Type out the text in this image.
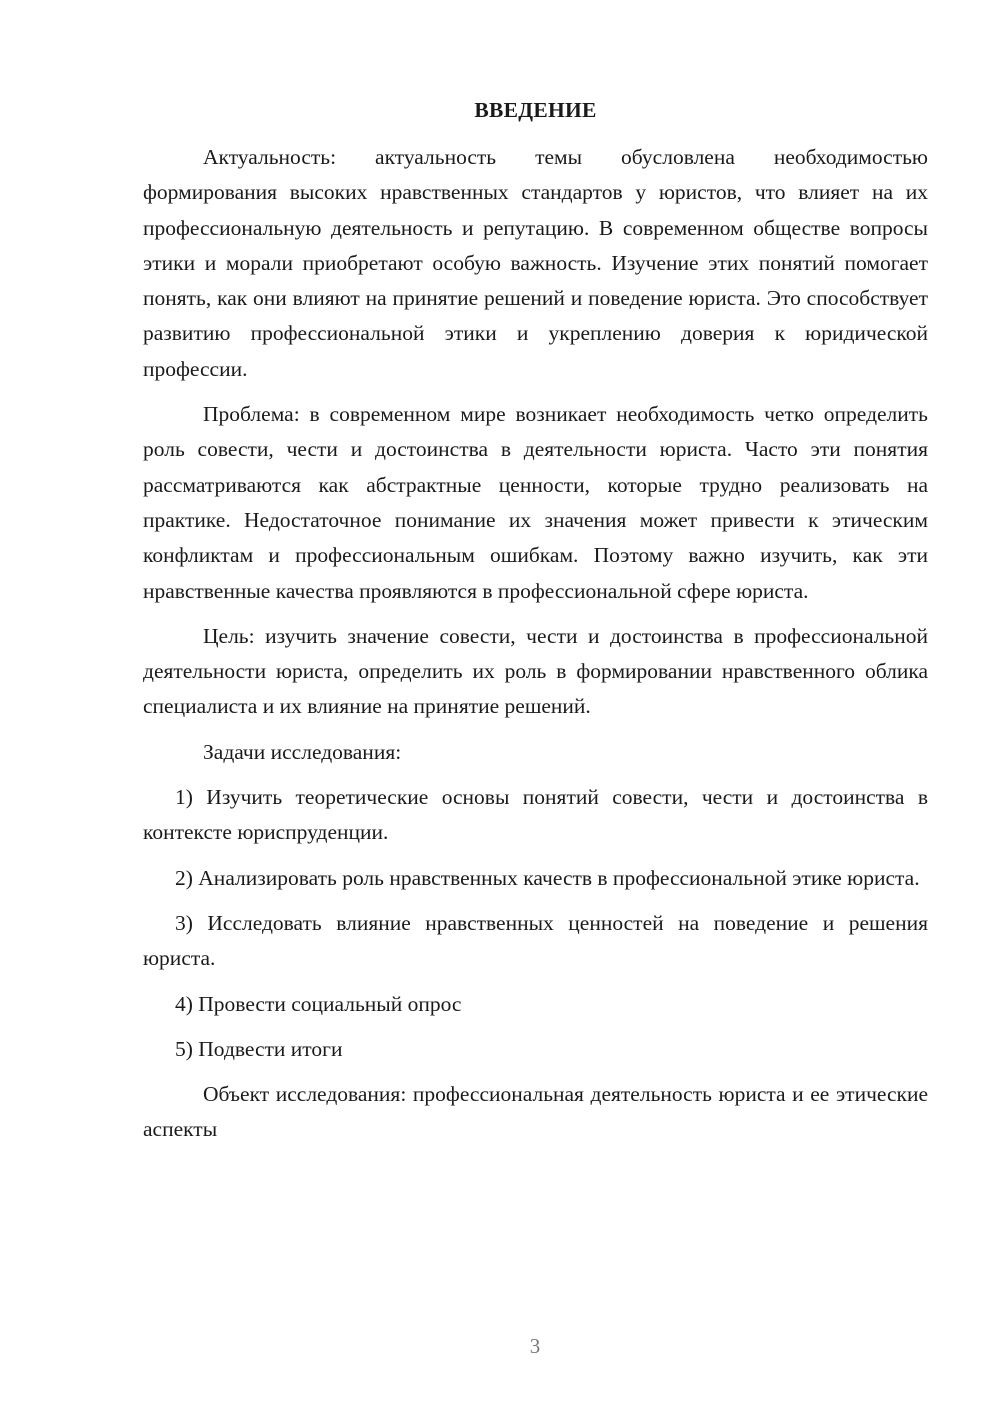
ВВЕДЕНИЕ

Актуальность: актуальность темы обусловлена необходимостью формирования высоких нравственных стандартов у юристов, что влияет на их профессиональную деятельность и репутацию. В современном обществе вопросы этики и морали приобретают особую важность. Изучение этих понятий помогает понять, как они влияют на принятие решений и поведение юриста. Это способствует развитию профессиональной этики и укреплению доверия к юридической профессии.

Проблема: в современном мире возникает необходимость четко определить роль совести, чести и достоинства в деятельности юриста. Часто эти понятия рассматриваются как абстрактные ценности, которые трудно реализовать на практике. Недостаточное понимание их значения может привести к этическим конфликтам и профессиональным ошибкам. Поэтому важно изучить, как эти нравственные качества проявляются в профессиональной сфере юриста.

Цель: изучить значение совести, чести и достоинства в профессиональной деятельности юриста, определить их роль в формировании нравственного облика специалиста и их влияние на принятие решений.

Задачи исследования:

1) Изучить теоретические основы понятий совести, чести и достоинства в контексте юриспруденции.

2) Анализировать роль нравственных качеств в профессиональной этике юриста.

3) Исследовать влияние нравственных ценностей на поведение и решения юриста.

4) Провести социальный опрос

5) Подвести итоги

Объект исследования: профессиональная деятельность юриста и ее этические аспекты

3
